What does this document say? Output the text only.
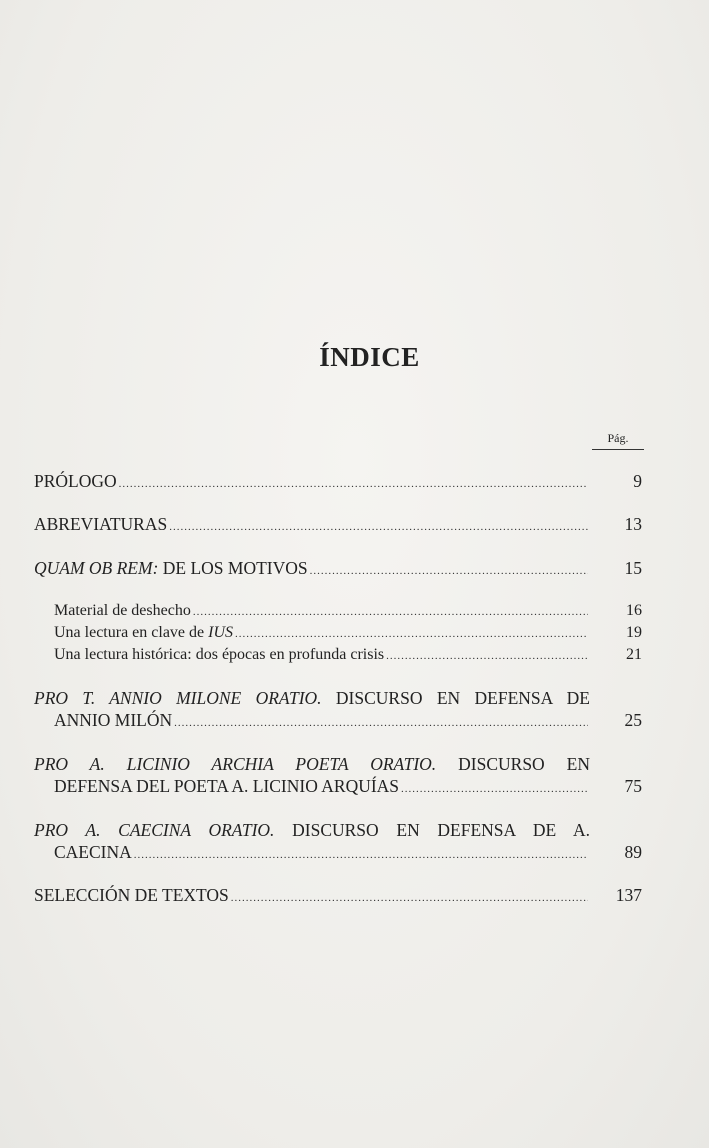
ÍNDICE
Pág.
PRÓLOGO .....	9
ABREVIATURAS .....	13
QUAM OB REM: DE LOS MOTIVOS .....	15
Material de deshecho .....	16
Una lectura en clave de IUS .....	19
Una lectura histórica: dos épocas en profunda crisis .....	21
PRO T. ANNIO MILONE ORATIO. DISCURSO EN DEFENSA DE
ANNIO MILÓN .....	25
PRO A. LICINIO ARCHIA POETA ORATIO. DISCURSO EN
DEFENSA DEL POETA A. LICINIO ARQUÍAS .....	75
PRO A. CAECINA ORATIO. DISCURSO EN DEFENSA DE A.
CAECINA .....	89
SELECCIÓN DE TEXTOS .....	137
